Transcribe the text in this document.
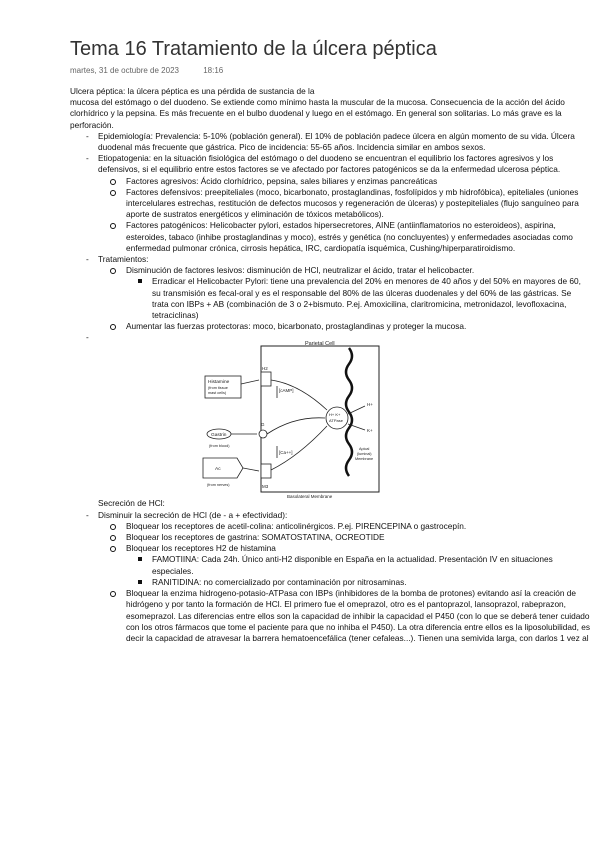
Tema 16 Tratamiento de la úlcera péptica
martes, 31 de octubre de 2023	18:16

Ulcera péptica: la úlcera péptica es una pérdida de sustancia de la

mucosa del estómago o del duodeno. Se extiende como mínimo hasta la muscular de la mucosa. Consecuencia de la acción del ácido clorhídrico y la pepsina. Es más frecuente en el bulbo duodenal y luego en el estómago. En general son solitarias. Lo más grave es la perforación.

- Epidemiología: Prevalencia: 5-10% (población general). El 10% de población padece úlcera en algún momento de su vida. Úlcera duodenal más frecuente que gástrica. Pico de incidencia: 55-65 años. Incidencia similar en ambos sexos.
- Etiopatogenia: en la situación fisiológica del estómago o del duodeno se encuentran el equilibrio los factores agresivos y los defensivos, si el equilibrio entre estos factores se ve afectado por factores patogénicos se da la enfermedad ulcerosa péptica.
Factores agresivos: Ácido clorhídrico, pepsina, sales biliares y enzimas pancreáticas
Factores defensivos: preepiteliales (moco, bicarbonato, prostaglandinas, fosfolípidos y mb hidrofóbica), epiteliales (uniones intercelulares estrechas, restitución de defectos mucosos y regeneración de úlceras) y postepiteliales (flujo sanguíneo para aporte de sustratos energéticos y eliminación de tóxicos metabólicos).
Factores patogénicos: Helicobacter pylori, estados hipersecretores, AINE (antiinflamatorios no esteroideos), aspirina, esteroides, tabaco (inhibe prostaglandinas y moco), estrés y genética (no concluyentes) y enfermedades asociadas como enfermedad pulmonar crónica, cirrosis hepática, IRC, cardiopatía isquémica, Cushing/hiperparatiroidismo.
- Tratamientos:
Disminución de factores lesivos: disminución de HCl, neutralizar el ácido, tratar el helicobacter.
Erradicar el Helicobacter Pylori: tiene una prevalencia del 20% en menores de 40 años y del 50% en mayores de 60, su transmisión es fecal-oral y es el responsable del 80% de las úlceras duodenales y del 60% de las gástricas. Se trata con IBPs + AB (combinación de 3 o 2+bismuto. P.ej. Amoxicilina, claritromicina, metronidazol, levofloxacina, tetraciclinas)
Aumentar las fuerzas protectoras: moco, bicarbonato, prostaglandinas y proteger la mucosa.
- Secreción de HCl:
Parietal Cell
H2
G
M3
Histamine
(from tissue
mast cells)
Gastrin
(from blood)
Ac
(from nerves)
[cAMP]
[Ca++]
H+ K+
ATPase
H+
K+
Apical
(luminal)
Membrane
Basolateral Membrane
- Disminuir la secreción de HCl (de - a + efectividad):
Bloquear los receptores de acetil-colina: anticolinérgicos. P.ej. PIRENCEPINA o gastrocepín.
Bloquear los receptores de gastrina: SOMATOSTATINA, OCREOTIDE
Bloquear los receptores H2 de histamina
FAMOTIINA: Cada 24h. Único anti-H2 disponible en España en la actualidad. Presentación IV en situaciones especiales.
RANITIDINA: no comercializado por contaminación por nitrosaminas.
Bloquear la enzima hidrogeno-potasio-ATPasa con IBPs (inhibidores de la bomba de protones) evitando así la creación de hidrógeno y por tanto la formación de HCl. El primero fue el omeprazol, otro es el pantoprazol, lansoprazol, rabeprazon, esomeprazol. Las diferencias entre ellos son la capacidad de inhibir la capacidad el P450 (con lo que se deberá tener cuidado con los otros fármacos que tome el paciente para que no inhiba el P450). La otra diferencia entre ellos es la liposolubilidad, es decir la capacidad de atravesar la barrera hematoencefálica (tener cefaleas...). Tienen una semivida larga, con darlos 1 vez al
